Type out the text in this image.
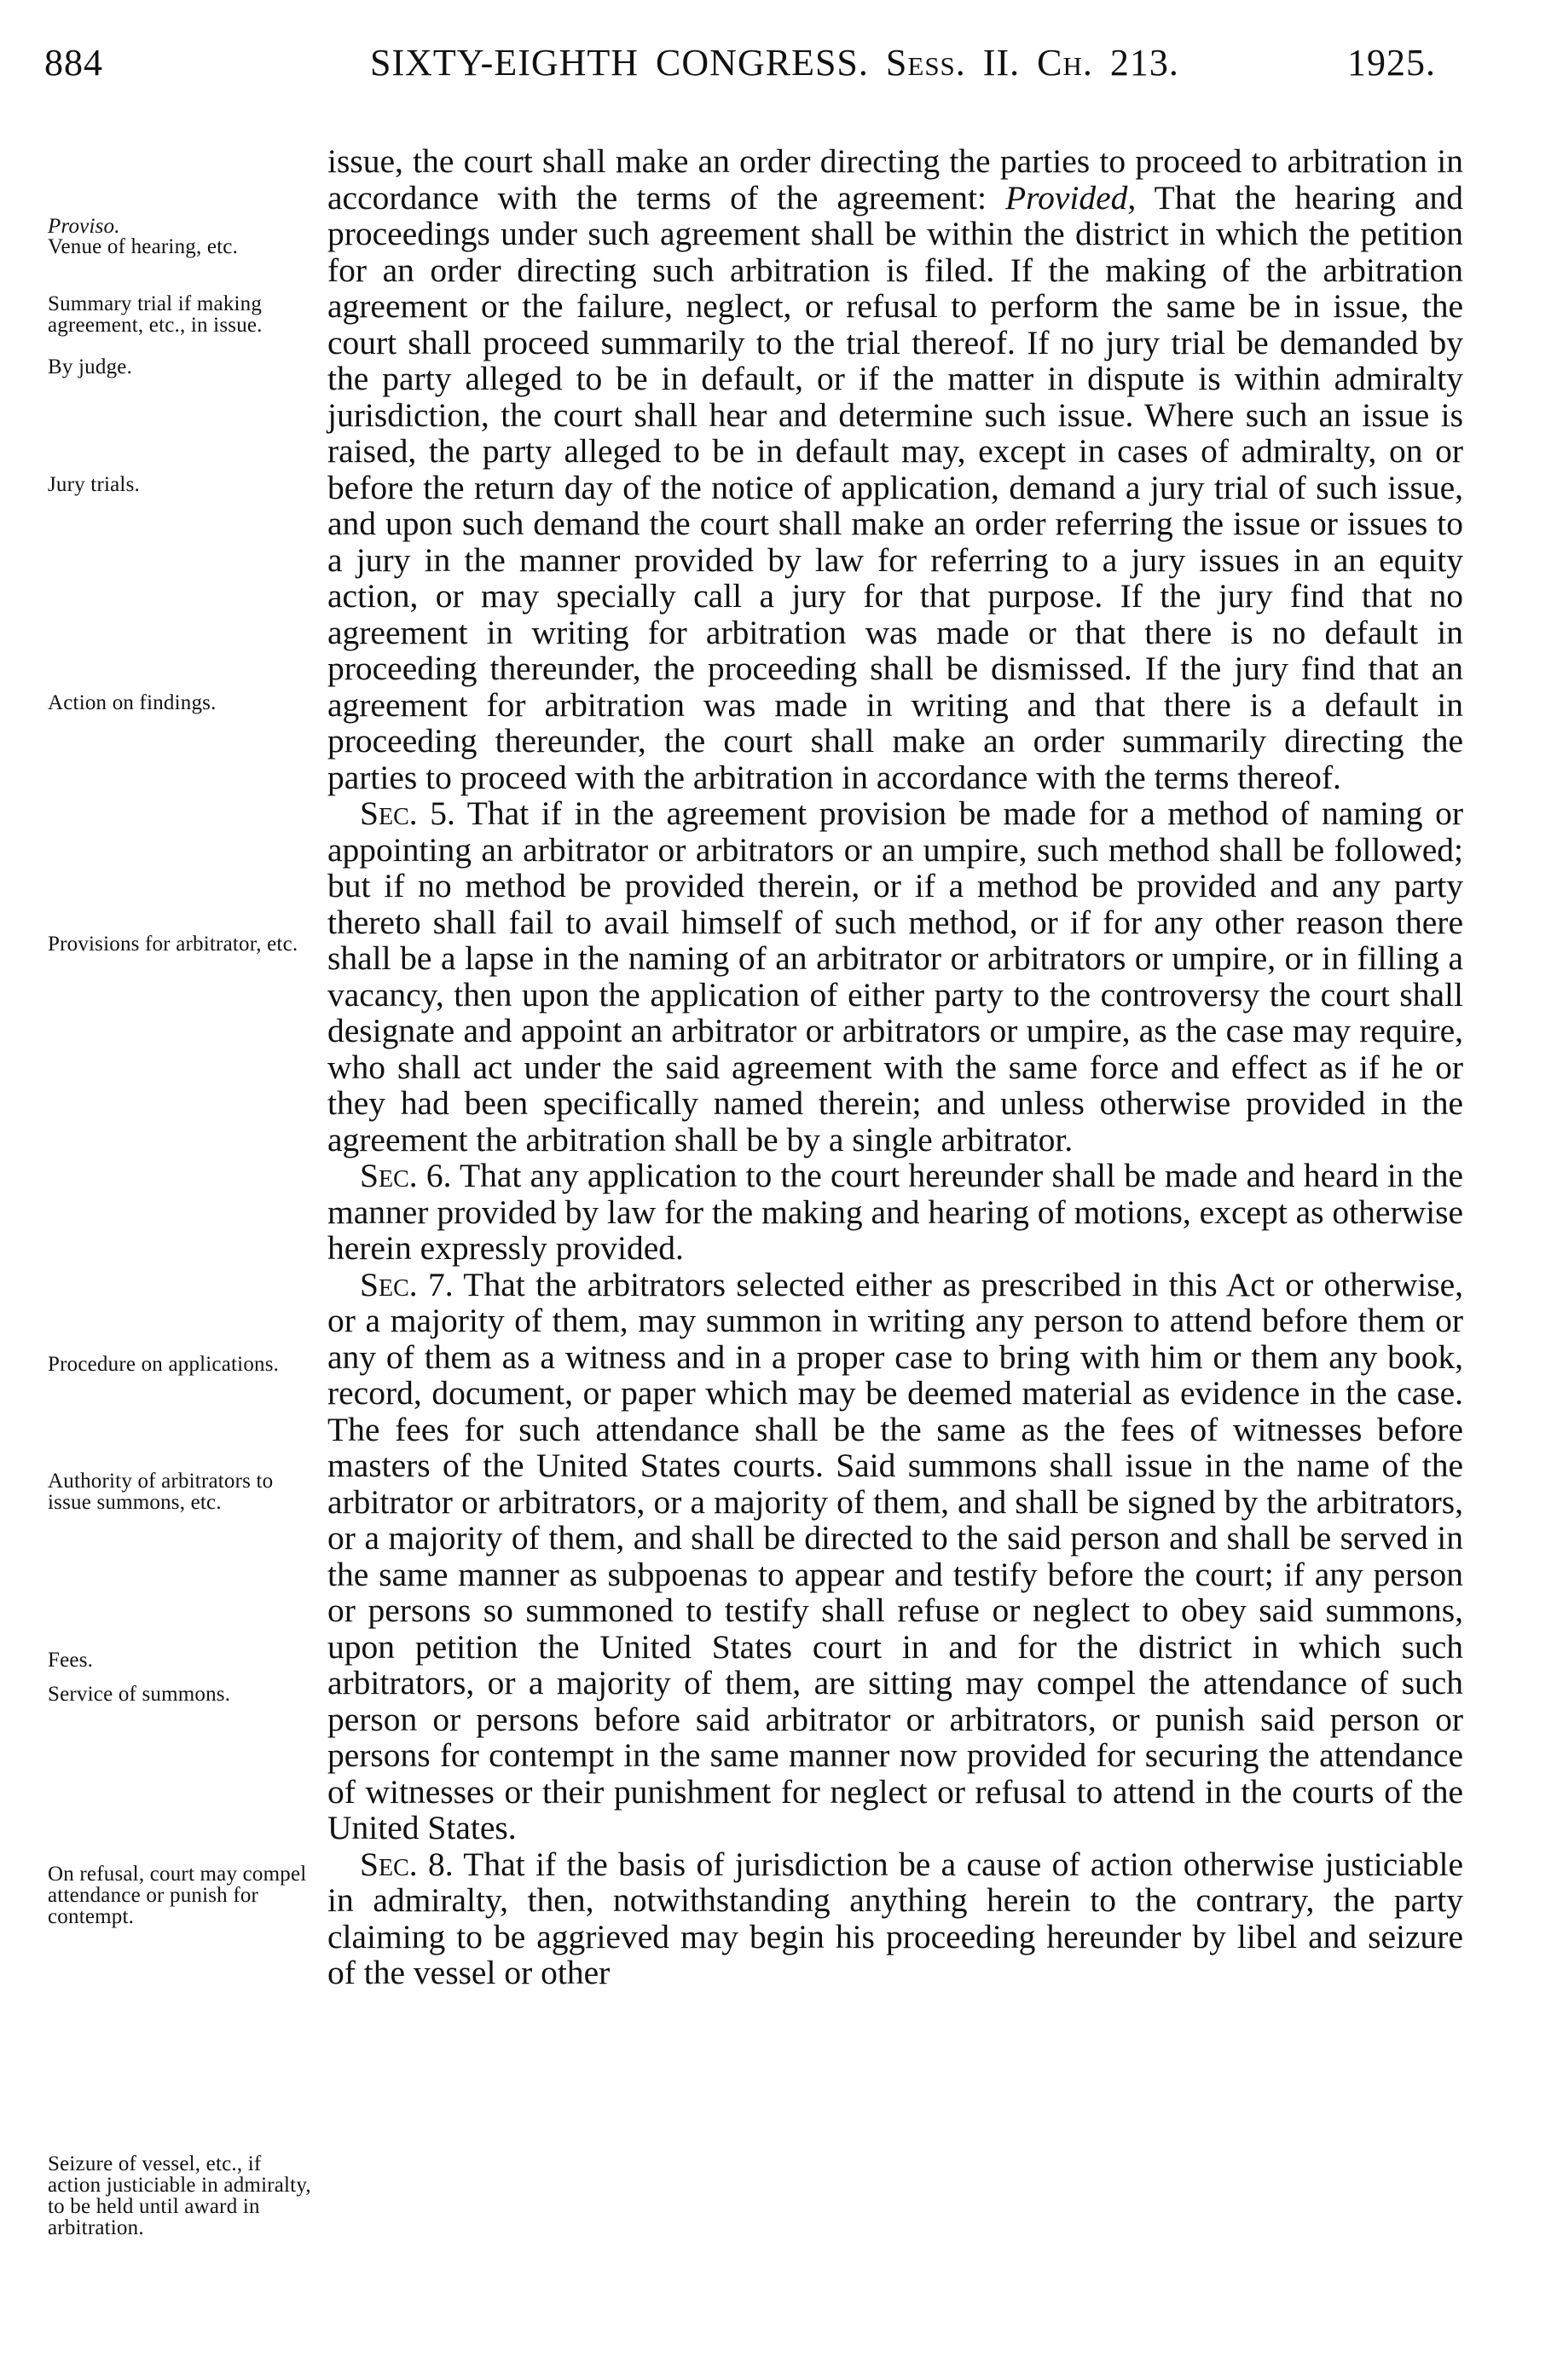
884	SIXTY-EIGHTH CONGRESS. Sess. II. Ch. 213.	1925.
Proviso.
Venue of hearing, etc.
Summary trial if making agreement, etc., in issue.
By judge.
Jury trials.
Action on findings.
Provisions for arbitrator, etc.
Procedure on applications.
Authority of arbitrators to issue summons, etc.
Fees.
Service of summons.
On refusal, court may compel attendance or punish for contempt.
Seizure of vessel, etc., if action justiciable in admiralty, to be held until award in arbitration.

issue, the court shall make an order directing the parties to proceed to arbitration in accordance with the terms of the agreement: Provided, That the hearing and proceedings under such agreement shall be within the district in which the petition for an order directing such arbitration is filed. If the making of the arbitration agreement or the failure, neglect, or refusal to perform the same be in issue, the court shall proceed summarily to the trial thereof. If no jury trial be demanded by the party alleged to be in default, or if the matter in dispute is within admiralty jurisdiction, the court shall hear and determine such issue. Where such an issue is raised, the party alleged to be in default may, except in cases of admiralty, on or before the return day of the notice of application, demand a jury trial of such issue, and upon such demand the court shall make an order referring the issue or issues to a jury in the manner provided by law for referring to a jury issues in an equity action, or may specially call a jury for that purpose. If the jury find that no agreement in writing for arbitration was made or that there is no default in proceeding thereunder, the proceeding shall be dismissed. If the jury find that an agreement for arbitration was made in writing and that there is a default in proceeding thereunder, the court shall make an order summarily directing the parties to proceed with the arbitration in accordance with the terms thereof.

Sec. 5. That if in the agreement provision be made for a method of naming or appointing an arbitrator or arbitrators or an umpire, such method shall be followed; but if no method be provided therein, or if a method be provided and any party thereto shall fail to avail himself of such method, or if for any other reason there shall be a lapse in the naming of an arbitrator or arbitrators or umpire, or in filling a vacancy, then upon the application of either party to the controversy the court shall designate and appoint an arbitrator or arbitrators or umpire, as the case may require, who shall act under the said agreement with the same force and effect as if he or they had been specifically named therein; and unless otherwise provided in the agreement the arbitration shall be by a single arbitrator.

Sec. 6. That any application to the court hereunder shall be made and heard in the manner provided by law for the making and hearing of motions, except as otherwise herein expressly provided.

Sec. 7. That the arbitrators selected either as prescribed in this Act or otherwise, or a majority of them, may summon in writing any person to attend before them or any of them as a witness and in a proper case to bring with him or them any book, record, document, or paper which may be deemed material as evidence in the case. The fees for such attendance shall be the same as the fees of witnesses before masters of the United States courts. Said summons shall issue in the name of the arbitrator or arbitrators, or a majority of them, and shall be signed by the arbitrators, or a majority of them, and shall be directed to the said person and shall be served in the same manner as subpoenas to appear and testify before the court; if any person or persons so summoned to testify shall refuse or neglect to obey said summons, upon petition the United States court in and for the district in which such arbitrators, or a majority of them, are sitting may compel the attendance of such person or persons before said arbitrator or arbitrators, or punish said person or persons for contempt in the same manner now provided for securing the attendance of witnesses or their punishment for neglect or refusal to attend in the courts of the United States.

Sec. 8. That if the basis of jurisdiction be a cause of action otherwise justiciable in admiralty, then, notwithstanding anything herein to the contrary, the party claiming to be aggrieved may begin his proceeding hereunder by libel and seizure of the vessel or other
